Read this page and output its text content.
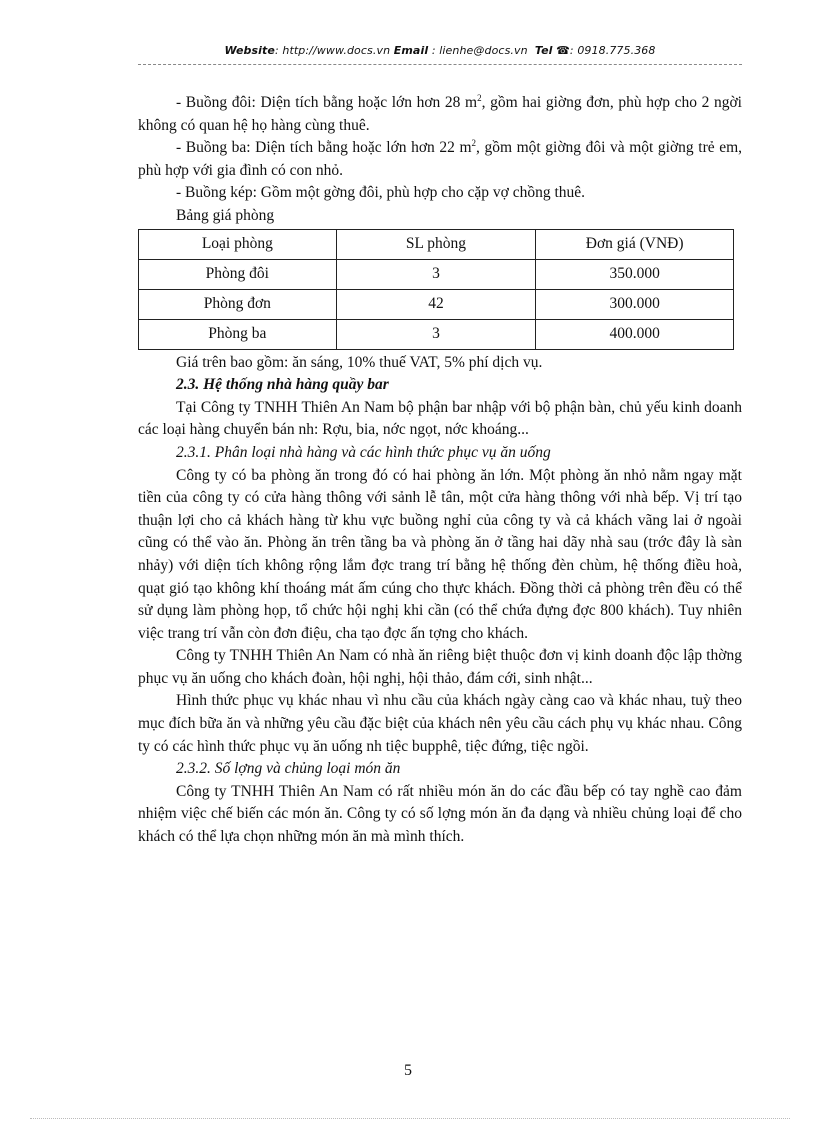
Website: http://www.docs.vn Email : lienhe@docs.vn Tel ☎: 0918.775.368

- Buồng đôi: Diện tích bằng hoặc lớn hơn 28 $m^2$, gồm hai giờng đơn, phù hợp cho 2 ngời không có quan hệ họ hàng cùng thuê.

- Buồng ba: Diện tích bằng hoặc lớn hơn 22 $m^2$, gồm một giờng đôi và một giờng trẻ em, phù hợp với gia đình có con nhỏ.

- Buồng kép: Gồm một gờng đôi, phù hợp cho cặp vợ chồng thuê.

Bảng giá phòng

Loại phòng	SL phòng	Đơn giá (VNĐ)
Phòng đôi	3	350.000
Phòng đơn	42	300.000
Phòng ba	3	400.000

Giá trên bao gồm: ăn sáng, 10% thuế VAT, 5% phí dịch vụ.

2.3. Hệ thống nhà hàng quầy bar

Tại Công ty TNHH Thiên An Nam bộ phận bar nhập với bộ phận bàn, chủ yếu kinh doanh các loại hàng chuyển bán nh: Rợu, bia, nớc ngọt, nớc khoáng...

2.3.1. Phân loại nhà hàng và các hình thức phục vụ ăn uống

Công ty có ba phòng ăn trong đó có hai phòng ăn lớn. Một phòng ăn nhỏ nằm ngay mặt tiền của công ty có cửa hàng thông với sảnh lễ tân, một cửa hàng thông với nhà bếp. Vị trí tạo thuận lợi cho cả khách hàng từ khu vực buồng nghỉ của công ty và cả khách vãng lai ở ngoài cũng có thể vào ăn. Phòng ăn trên tầng ba và phòng ăn ở tầng hai dãy nhà sau (trớc đây là sàn nhảy) với diện tích không rộng lắm đợc trang trí bằng hệ thống đèn chùm, hệ thống điều hoà, quạt gió tạo không khí thoáng mát ấm cúng cho thực khách. Đồng thời cả phòng trên đều có thể sử dụng làm phòng họp, tổ chức hội nghị khi cần (có thể chứa đựng đợc 800 khách). Tuy nhiên việc trang trí vẫn còn đơn điệu, cha tạo đợc ấn tợng cho khách.

Công ty TNHH Thiên An Nam có nhà ăn riêng biệt thuộc đơn vị kinh doanh độc lập thờng phục vụ ăn uống cho khách đoàn, hội nghị, hội thảo, đám cới, sinh nhật...

Hình thức phục vụ khác nhau vì nhu cầu của khách ngày càng cao và khác nhau, tuỳ theo mục đích bữa ăn và những yêu cầu đặc biệt của khách nên yêu cầu cách phụ vụ khác nhau. Công ty có các hình thức phục vụ ăn uống nh tiệc bupphê, tiệc đứng, tiệc ngồi.

2.3.2. Số lợng và chủng loại món ăn

Công ty TNHH Thiên An Nam có rất nhiều món ăn do các đầu bếp có tay nghề cao đảm nhiệm việc chế biến các món ăn. Công ty có số lợng món ăn đa dạng và nhiều chủng loại để cho khách có thể lựa chọn những món ăn mà mình thích.

5
